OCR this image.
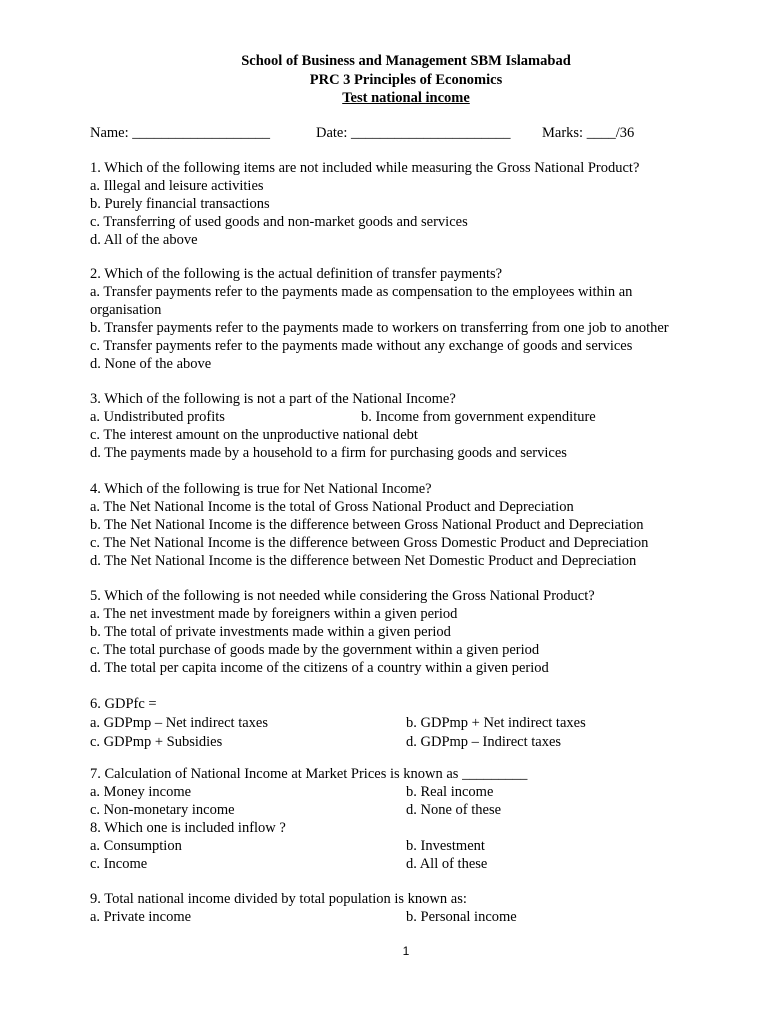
School of Business and Management SBM Islamabad
PRC 3 Principles of Economics
Test national income

Name: ___________________

	Date: ______________________

Marks: ____/36

1. Which of the following items are not included while measuring the Gross National Product?
a. Illegal and leisure activities
b. Purely financial transactions
c. Transferring of used goods and non-market goods and services
d. All of the above
2. Which of the following is the actual definition of transfer payments?
a. Transfer payments refer to the payments made as compensation to the employees within an organisation
b. Transfer payments refer to the payments made to workers on transferring from one job to another
c. Transfer payments refer to the payments made without any exchange of goods and services
d. None of the above
3. Which of the following is not a part of the National Income?
a. Undistributed profits	b. Income from government expenditure
c. The interest amount on the unproductive national debt
d. The payments made by a household to a firm for purchasing goods and services
4. Which of the following is true for Net National Income?
a. The Net National Income is the total of Gross National Product and Depreciation
b. The Net National Income is the difference between Gross National Product and Depreciation
c. The Net National Income is the difference between Gross Domestic Product and Depreciation
d. The Net National Income is the difference between Net Domestic Product and Depreciation
5. Which of the following is not needed while considering the Gross National Product?
a. The net investment made by foreigners within a given period
b. The total of private investments made within a given period
c. The total purchase of goods made by the government within a given period
d. The total per capita income of the citizens of a country within a given period
6. GDPfc =
a. GDPmp – Net indirect taxes	b. GDPmp + Net indirect taxes
c. GDPmp + Subsidies	d. GDPmp – Indirect taxes
7. Calculation of National Income at Market Prices is known as _________
a. Money income	b. Real income
c. Non-monetary income	d. None of these
8. Which one is included inflow ?
a. Consumption	b. Investment
c. Income	d. All of these
9. Total national income divided by total population is known as:
a. Private income	b. Personal income
1
